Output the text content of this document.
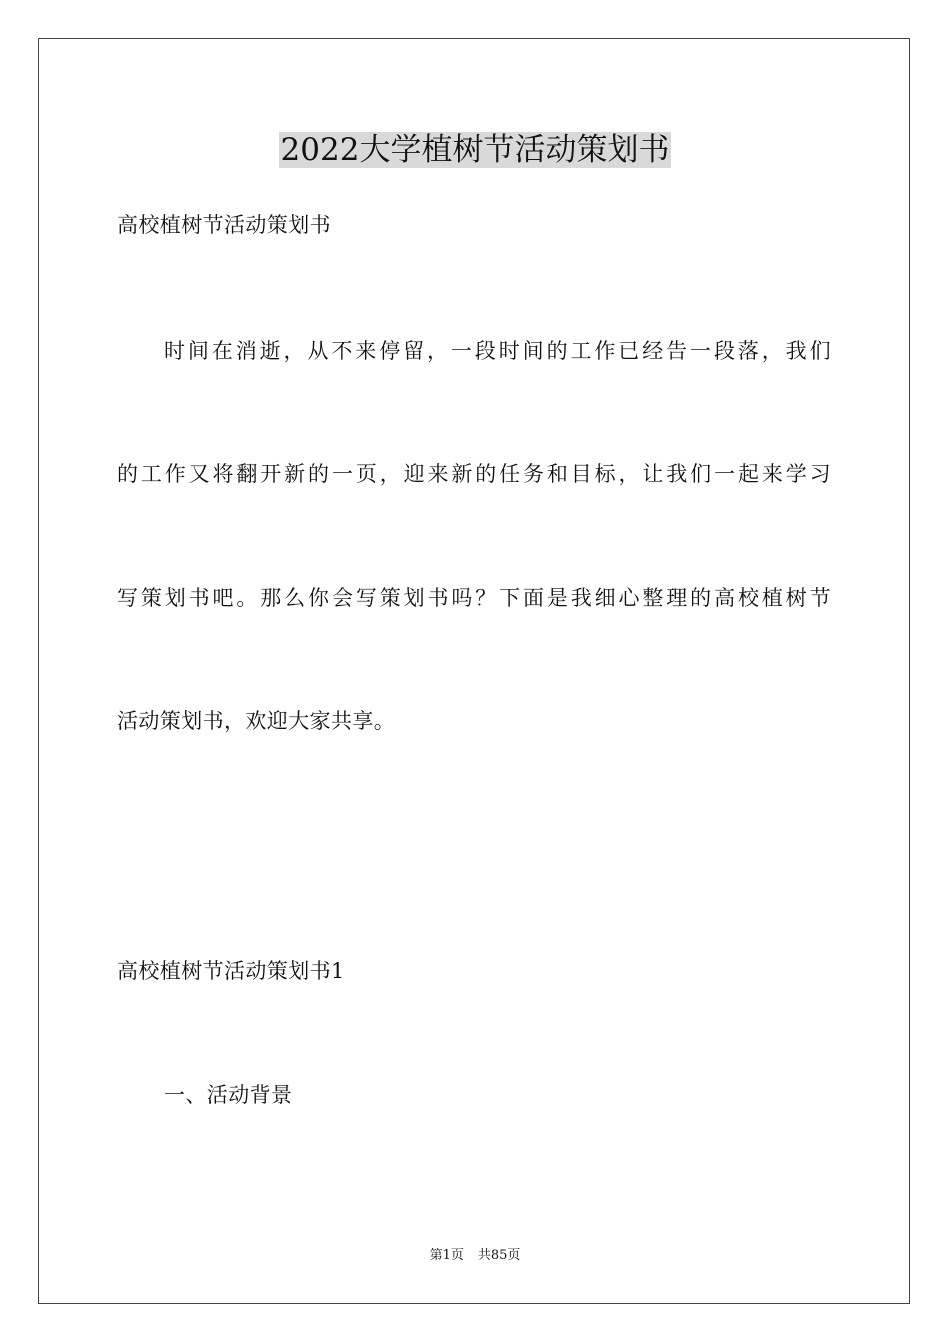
2022大学植树节活动策划书
高校植树节活动策划书
时间在消逝，从不来停留，一段时间的工作已经告一段落，我们
的工作又将翻开新的一页，迎来新的任务和目标，让我们一起来学习
写策划书吧。那么你会写策划书吗？下面是我细心整理的高校植树节
活动策划书，欢迎大家共享。
高校植树节活动策划书1
一、活动背景
第1页 共85页
